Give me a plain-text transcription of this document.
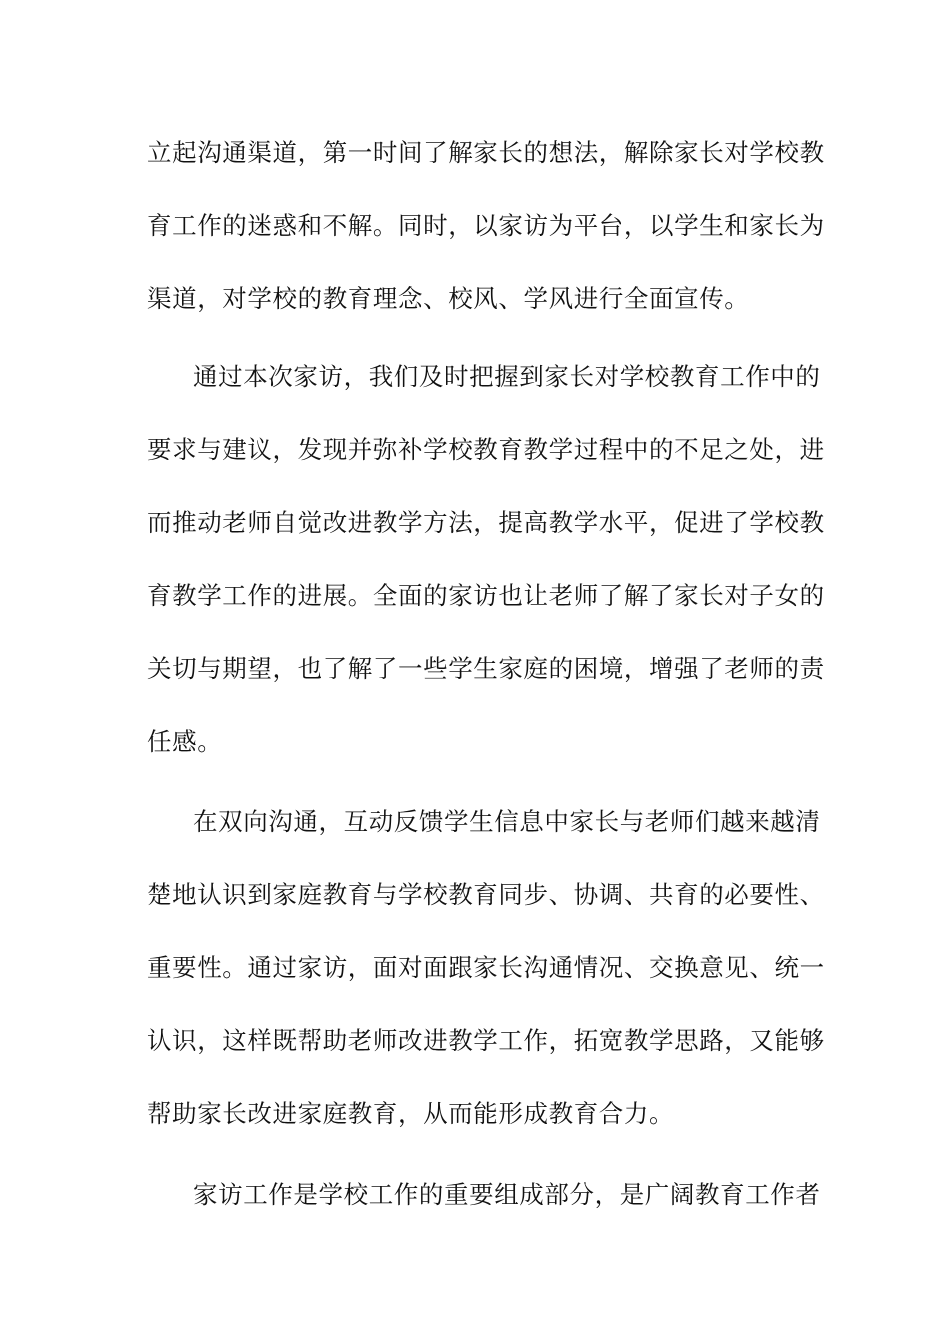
立起沟通渠道，第一时间了解家长的想法，解除家长对学校教
育工作的迷惑和不解。同时，以家访为平台，以学生和家长为
渠道，对学校的教育理念、校风、学风进行全面宣传。
通过本次家访，我们及时把握到家长对学校教育工作中的
要求与建议，发现并弥补学校教育教学过程中的不足之处，进
而推动老师自觉改进教学方法，提高教学水平，促进了学校教
育教学工作的进展。全面的家访也让老师了解了家长对子女的
关切与期望，也了解了一些学生家庭的困境，增强了老师的责
任感。
在双向沟通，互动反馈学生信息中家长与老师们越来越清
楚地认识到家庭教育与学校教育同步、协调、共育的必要性、
重要性。通过家访，面对面跟家长沟通情况、交换意见、统一
认识，这样既帮助老师改进教学工作，拓宽教学思路，又能够
帮助家长改进家庭教育，从而能形成教育合力。
家访工作是学校工作的重要组成部分，是广阔教育工作者
